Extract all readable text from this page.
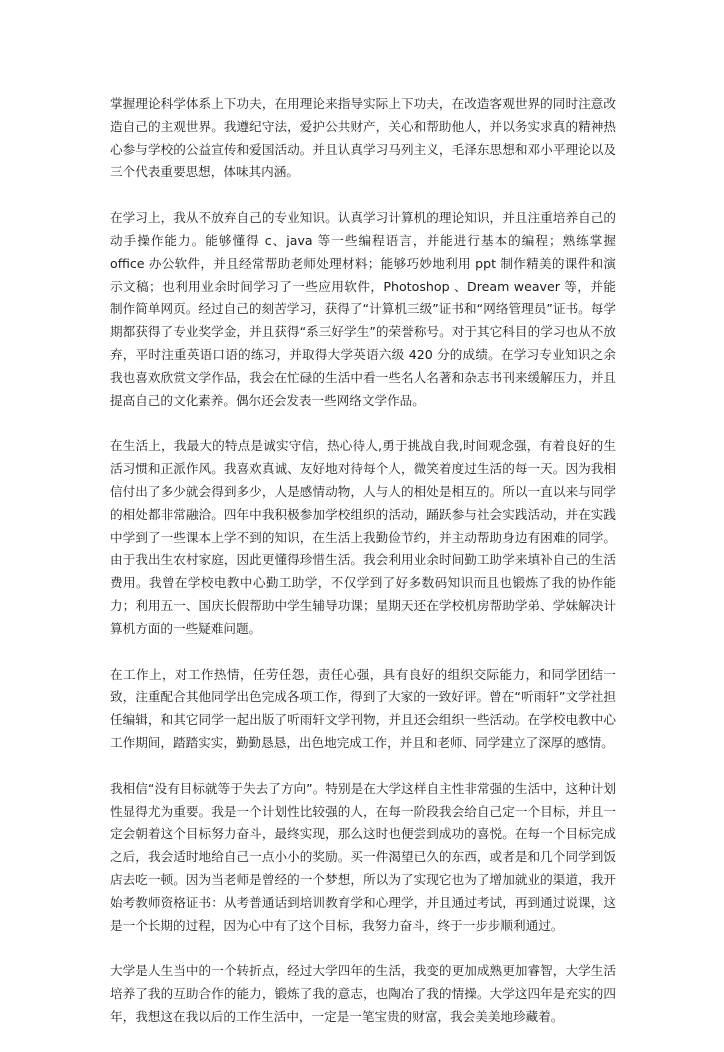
掌握理论科学体系上下功夫，在用理论来指导实际上下功夫，在改造客观世界的同时注意改造自己的主观世界。我遵纪守法，爱护公共财产，关心和帮助他人，并以务实求真的精神热心参与学校的公益宣传和爱国活动。并且认真学习马列主义，毛泽东思想和邓小平理论以及三个代表重要思想，体味其内涵。

在学习上，我从不放弃自己的专业知识。认真学习计算机的理论知识，并且注重培养自己的动手操作能力。能够懂得 c、java 等一些编程语言，并能进行基本的编程；熟练掌握 office 办公软件，并且经常帮助老师处理材料；能够巧妙地利用 ppt 制作精美的课件和演示文稿；也利用业余时间学习了一些应用软件，Photoshop 、Dream weaver 等，并能制作简单网页。经过自己的刻苦学习，获得了“计算机三级”证书和“网络管理员”证书。每学期都获得了专业奖学金，并且获得“系三好学生”的荣誉称号。对于其它科目的学习也从不放弃，平时注重英语口语的练习，并取得大学英语六级 420 分的成绩。在学习专业知识之余我也喜欢欣赏文学作品，我会在忙碌的生活中看一些名人名著和杂志书刊来缓解压力，并且提高自己的文化素养。偶尔还会发表一些网络文学作品。

在生活上，我最大的特点是诚实守信，热心待人,勇于挑战自我,时间观念强，有着良好的生活习惯和正派作风。我喜欢真诚、友好地对待每个人，微笑着度过生活的每一天。因为我相信付出了多少就会得到多少，人是感情动物，人与人的相处是相互的。所以一直以来与同学的相处都非常融洽。四年中我积极参加学校组织的活动，踊跃参与社会实践活动，并在实践中学到了一些课本上学不到的知识，在生活上我勤俭节约，并主动帮助身边有困难的同学。由于我出生农村家庭，因此更懂得珍惜生活。我会利用业余时间勤工助学来填补自己的生活费用。我曾在学校电教中心勤工助学，不仅学到了好多数码知识而且也锻炼了我的协作能力；利用五一、国庆长假帮助中学生辅导功课；星期天还在学校机房帮助学弟、学妹解决计算机方面的一些疑难问题。

在工作上，对工作热情，任劳任怨，责任心强，具有良好的组织交际能力，和同学团结一致，注重配合其他同学出色完成各项工作，得到了大家的一致好评。曾在“听雨轩”文学社担任编辑，和其它同学一起出版了听雨轩文学刊物，并且还会组织一些活动。在学校电教中心工作期间，踏踏实实，勤勤恳恳，出色地完成工作，并且和老师、同学建立了深厚的感情。

我相信“没有目标就等于失去了方向”。特别是在大学这样自主性非常强的生活中，这种计划性显得尤为重要。我是一个计划性比较强的人，在每一阶段我会给自己定一个目标，并且一定会朝着这个目标努力奋斗，最终实现，那么这时也便尝到成功的喜悦。在每一个目标完成之后，我会适时地给自己一点小小的奖励。买一件渴望已久的东西，或者是和几个同学到饭店去吃一顿。因为当老师是曾经的一个梦想，所以为了实现它也为了增加就业的渠道，我开始考教师资格证书：从考普通话到培训教育学和心理学，并且通过考试，再到通过说课，这是一个长期的过程，因为心中有了这个目标，我努力奋斗，终于一步步顺利通过。

大学是人生当中的一个转折点，经过大学四年的生活，我变的更加成熟更加睿智，大学生活培养了我的互助合作的能力，锻炼了我的意志，也陶冶了我的情操。大学这四年是充实的四年，我想这在我以后的工作生活中，一定是一笔宝贵的财富，我会美美地珍藏着。
